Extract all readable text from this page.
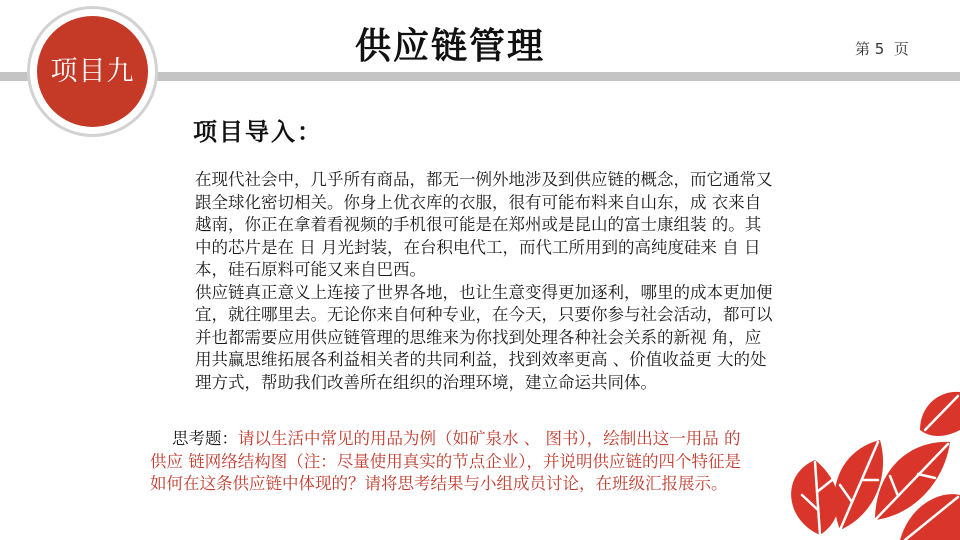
项目九
供应链管理	第 5  页
项目导入：

在现代社会中，几乎所有商品，都无一例外地涉及到供应链的概念，而它通常又跟全球化密切相关。你身上优衣库的衣服，很有可能布料来自山东，成 衣来自越南，你正在拿着看视频的手机很可能是在郑州或是昆山的富士康组装 的。其中的芯片是在 日 月光封装，在台积电代工，而代工所用到的高纯度硅来 自 日本，硅石原料可能又来自巴西。

供应链真正意义上连接了世界各地，也让生意变得更加逐利，哪里的成本更加便宜，就往哪里去。无论你来自何种专业，在今天，只要你参与社会活动，都可以并也都需要应用供应链管理的思维来为你找到处理各种社会关系的新视 角，应用共赢思维拓展各利益相关者的共同利益，找到效率更高 、价值收益更 大的处理方式，帮助我们改善所在组织的治理环境，建立命运共同体。

思考题：请以生活中常见的用品为例（如矿泉水 、 图书），绘制出这一用品 的供应 链网络结构图（注：尽量使用真实的节点企业），并说明供应链的四个特征是 如何在这条供应链中体现的？请将思考结果与小组成员讨论，在班级汇报展示。
